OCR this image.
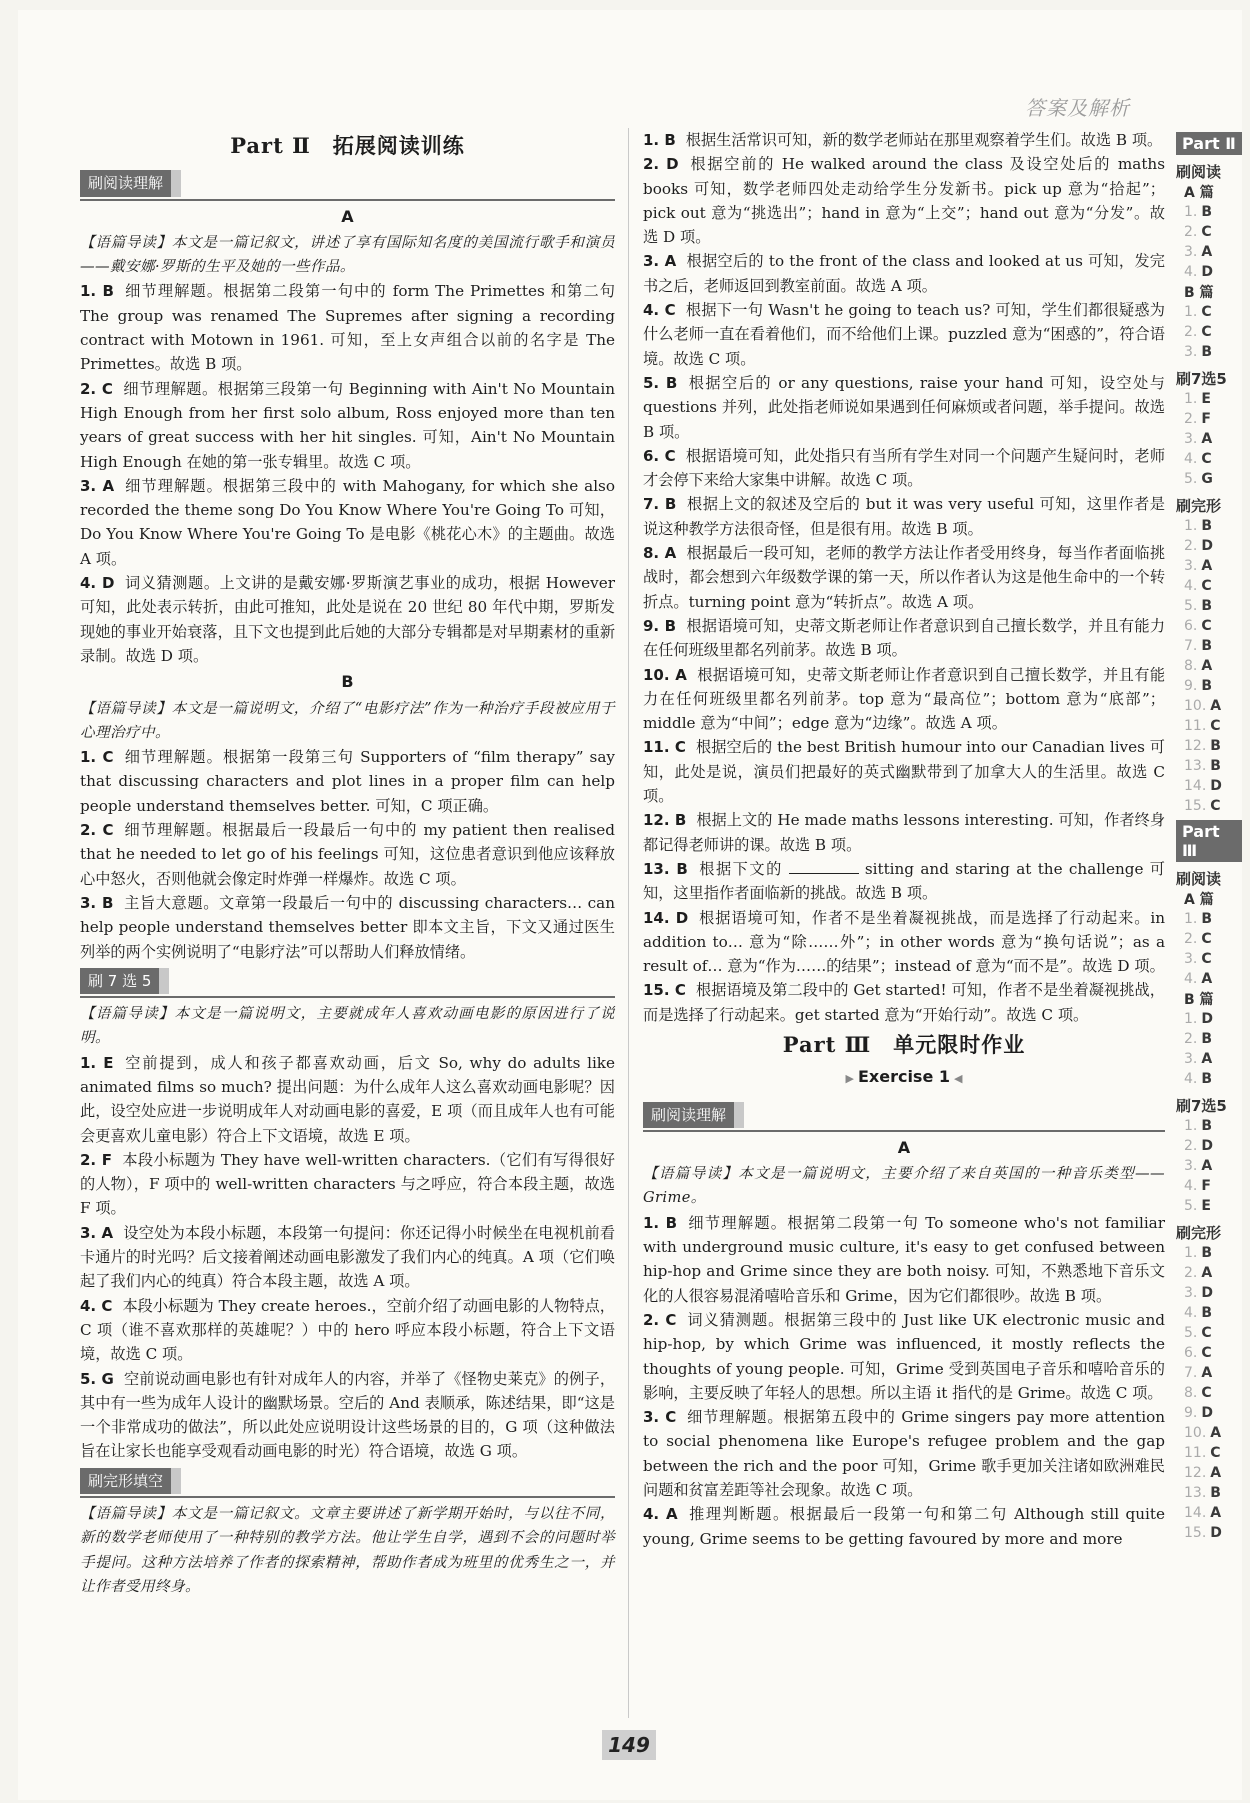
答案及解析
Part Ⅱ　拓展阅读训练
刷阅读理解
A

【语篇导读】本文是一篇记叙文，讲述了享有国际知名度的美国流行歌手和演员——戴安娜·罗斯的生平及她的一些作品。

1. B 细节理解题。根据第二段第一句中的 form The Primettes 和第二句 The group was renamed The Supremes after signing a recording contract with Motown in 1961. 可知，至上女声组合以前的名字是 The Primettes。故选 B 项。

2. C 细节理解题。根据第三段第一句 Beginning with Ain't No Mountain High Enough from her first solo album, Ross enjoyed more than ten years of great success with her hit singles. 可知，Ain't No Mountain High Enough 在她的第一张专辑里。故选 C 项。

3. A 细节理解题。根据第三段中的 with Mahogany, for which she also recorded the theme song Do You Know Where You're Going To 可知，Do You Know Where You're Going To 是电影《桃花心木》的主题曲。故选 A 项。

4. D 词义猜测题。上文讲的是戴安娜·罗斯演艺事业的成功，根据 However 可知，此处表示转折，由此可推知，此处是说在 20 世纪 80 年代中期，罗斯发现她的事业开始衰落，且下文也提到此后她的大部分专辑都是对早期素材的重新录制。故选 D 项。

B

【语篇导读】本文是一篇说明文，介绍了“电影疗法”作为一种治疗手段被应用于心理治疗中。

1. C 细节理解题。根据第一段第三句 Supporters of “film therapy” say that discussing characters and plot lines in a proper film can help people understand themselves better. 可知，C 项正确。

2. C 细节理解题。根据最后一段最后一句中的 my patient then realised that he needed to let go of his feelings 可知，这位患者意识到他应该释放心中怒火，否则他就会像定时炸弹一样爆炸。故选 C 项。

3. B 主旨大意题。文章第一段最后一句中的 discussing characters… can help people understand themselves better 即本文主旨，下文又通过医生列举的两个实例说明了“电影疗法”可以帮助人们释放情绪。

刷 7 选 5

【语篇导读】本文是一篇说明文，主要就成年人喜欢动画电影的原因进行了说明。

1. E 空前提到，成人和孩子都喜欢动画，后文 So, why do adults like animated films so much? 提出问题：为什么成年人这么喜欢动画电影呢？因此，设空处应进一步说明成年人对动画电影的喜爱，E 项（而且成年人也有可能会更喜欢儿童电影）符合上下文语境，故选 E 项。

2. F 本段小标题为 They have well-written characters.（它们有写得很好的人物），F 项中的 well-written characters 与之呼应，符合本段主题，故选 F 项。

3. A 设空处为本段小标题，本段第一句提问：你还记得小时候坐在电视机前看卡通片的时光吗？后文接着阐述动画电影激发了我们内心的纯真。A 项（它们唤起了我们内心的纯真）符合本段主题，故选 A 项。

4. C 本段小标题为 They create heroes.，空前介绍了动画电影的人物特点，C 项（谁不喜欢那样的英雄呢？）中的 hero 呼应本段小标题，符合上下文语境，故选 C 项。

5. G 空前说动画电影也有针对成年人的内容，并举了《怪物史莱克》的例子，其中有一些为成年人设计的幽默场景。空后的 And 表顺承，陈述结果，即“这是一个非常成功的做法”，所以此处应说明设计这些场景的目的，G 项（这种做法旨在让家长也能享受观看动画电影的时光）符合语境，故选 G 项。

刷完形填空

【语篇导读】本文是一篇记叙文。文章主要讲述了新学期开始时，与以往不同，新的数学老师使用了一种特别的教学方法。他让学生自学，遇到不会的问题时举手提问。这种方法培养了作者的探索精神，帮助作者成为班里的优秀生之一，并让作者受用终身。

1. B 根据生活常识可知，新的数学老师站在那里观察着学生们。故选 B 项。

2. D 根据空前的 He walked around the class 及设空处后的 maths books 可知，数学老师四处走动给学生分发新书。pick up 意为“拾起”；pick out 意为“挑选出”；hand in 意为“上交”；hand out 意为“分发”。故选 D 项。

3. A 根据空后的 to the front of the class and looked at us 可知，发完书之后，老师返回到教室前面。故选 A 项。

4. C 根据下一句 Wasn't he going to teach us? 可知，学生们都很疑惑为什么老师一直在看着他们，而不给他们上课。puzzled 意为“困惑的”，符合语境。故选 C 项。

5. B 根据空后的 or any questions, raise your hand 可知，设空处与 questions 并列，此处指老师说如果遇到任何麻烦或者问题，举手提问。故选 B 项。

6. C 根据语境可知，此处指只有当所有学生对同一个问题产生疑问时，老师才会停下来给大家集中讲解。故选 C 项。

7. B 根据上文的叙述及空后的 but it was very useful 可知，这里作者是说这种教学方法很奇怪，但是很有用。故选 B 项。

8. A 根据最后一段可知，老师的教学方法让作者受用终身，每当作者面临挑战时，都会想到六年级数学课的第一天，所以作者认为这是他生命中的一个转折点。turning point 意为“转折点”。故选 A 项。

9. B 根据语境可知，史蒂文斯老师让作者意识到自己擅长数学，并且有能力在任何班级里都名列前茅。故选 B 项。

10. A 根据语境可知，史蒂文斯老师让作者意识到自己擅长数学，并且有能力在任何班级里都名列前茅。top 意为“最高位”；bottom 意为“底部”；middle 意为“中间”；edge 意为“边缘”。故选 A 项。

11. C 根据空后的 the best British humour into our Canadian lives 可知，此处是说，演员们把最好的英式幽默带到了加拿大人的生活里。故选 C 项。

12. B 根据上文的 He made maths lessons interesting. 可知，作者终身都记得老师讲的课。故选 B 项。

13. B 根据下文的	sitting and staring at the challenge 可知，这里指作者面临新的挑战。故选 B 项。

14. D 根据语境可知，作者不是坐着凝视挑战，而是选择了行动起来。in addition to… 意为“除……外”；in other words 意为“换句话说”；as a result of… 意为“作为……的结果”；instead of 意为“而不是”。故选 D 项。

15. C 根据语境及第二段中的 Get started! 可知，作者不是坐着凝视挑战，而是选择了行动起来。get started 意为“开始行动”。故选 C 项。

Part Ⅲ　单元限时作业
▶ Exercise 1 ◀
刷阅读理解
A

【语篇导读】本文是一篇说明文，主要介绍了来自英国的一种音乐类型——Grime。

1. B 细节理解题。根据第二段第一句 To someone who's not familiar with underground music culture, it's easy to get confused between hip-hop and Grime since they are both noisy. 可知，不熟悉地下音乐文化的人很容易混淆嘻哈音乐和 Grime，因为它们都很吵。故选 B 项。

2. C 词义猜测题。根据第三段中的 Just like UK electronic music and hip-hop, by which Grime was influenced, it mostly reflects the thoughts of young people. 可知，Grime 受到英国电子音乐和嘻哈音乐的影响，主要反映了年轻人的思想。所以主语 it 指代的是 Grime。故选 C 项。

3. C 细节理解题。根据第五段中的 Grime singers pay more attention to social phenomena like Europe's refugee problem and the gap between the rich and the poor 可知，Grime 歌手更加关注诸如欧洲难民问题和贫富差距等社会现象。故选 C 项。

4. A 推理判断题。根据最后一段第一句和第二句 Although still quite young, Grime seems to be getting favoured by more and more

Part Ⅱ
刷阅读
A 篇
1. B
2. C
3. A
4. D
B 篇
1. C
2. C
3. B
刷7选5
1. E
2. F
3. A
4. C
5. G
刷完形
1. B
2. D
3. A
4. C
5. B
6. C
7. B
8. A
9. B
10. A
11. C
12. B
13. B
14. D
15. C
Part Ⅲ
刷阅读
A 篇
1. B
2. C
3. C
4. A
B 篇
1. D
2. B
3. A
4. B
刷7选5
1. B
2. D
3. A
4. F
5. E
刷完形
1. B
2. A
3. D
4. B
5. C
6. C
7. A
8. C
9. D
10. A
11. C
12. A
13. B
14. A
15. D
149
